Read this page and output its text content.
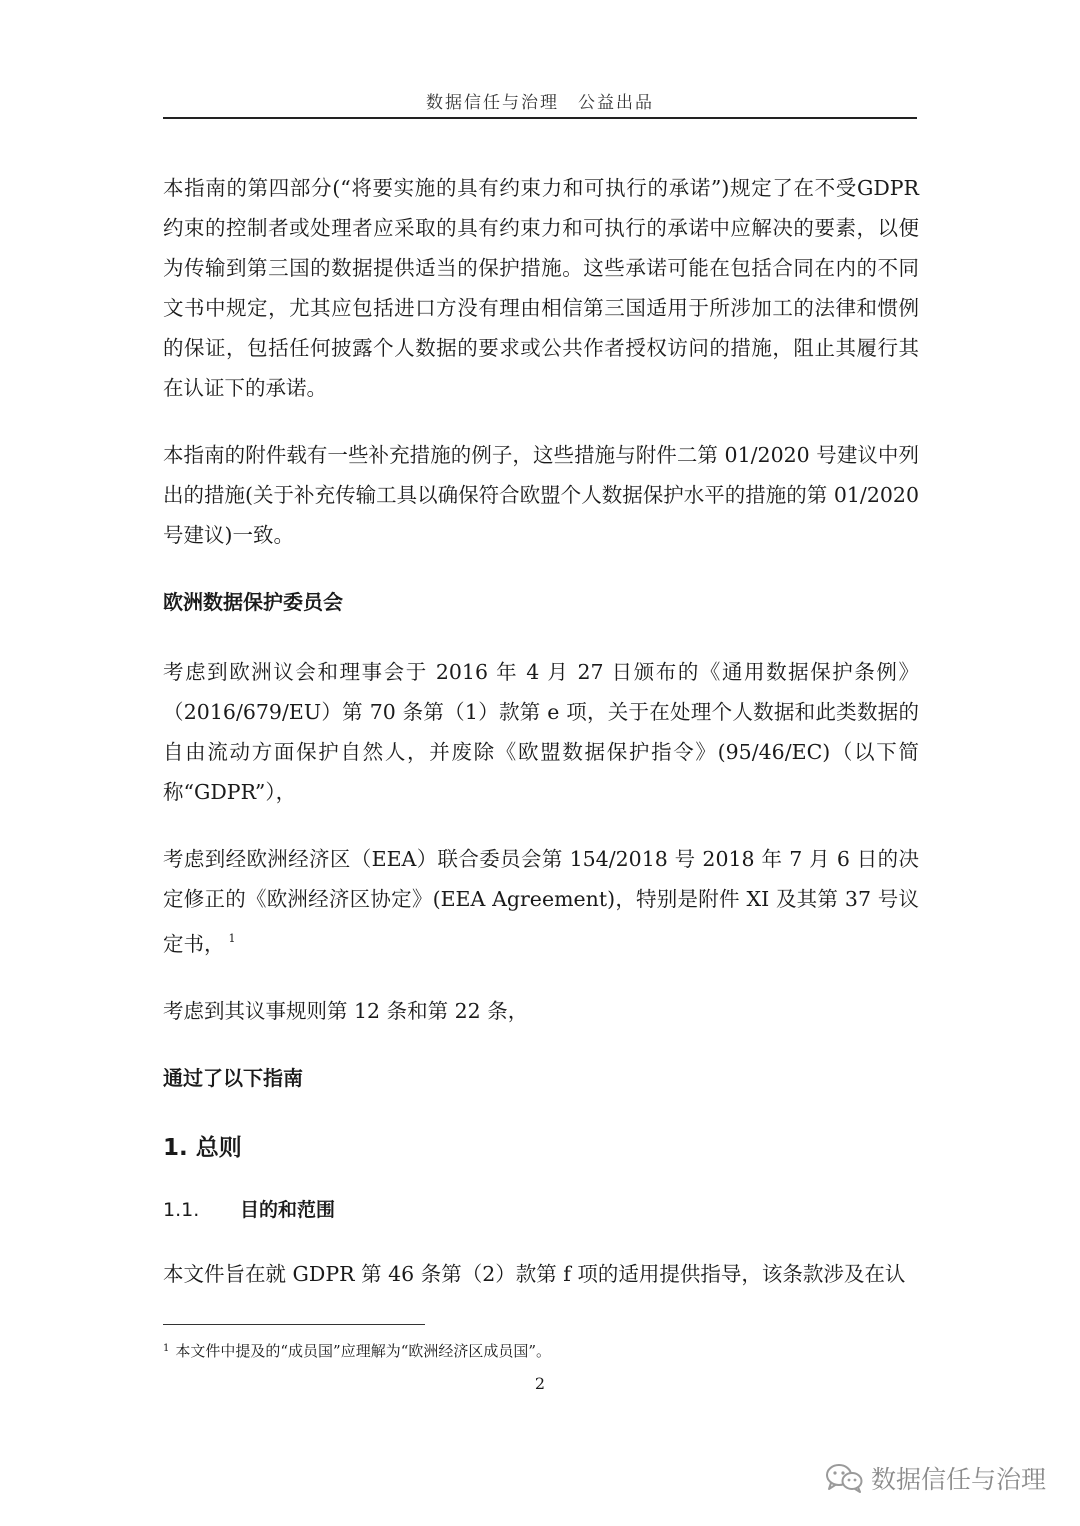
数据信任与治理　公益出品

本指南的第四部分(“将要实施的具有约束力和可执行的承诺”)规定了在不受GDPR 约束的控制者或处理者应采取的具有约束力和可执行的承诺中应解决的要素，以便为传输到第三国的数据提供适当的保护措施。这些承诺可能在包括合同在内的不同文书中规定，尤其应包括进口方没有理由相信第三国适用于所涉加工的法律和惯例的保证，包括任何披露个人数据的要求或公共作者授权访问的措施，阻止其履行其在认证下的承诺。

本指南的附件载有一些补充措施的例子，这些措施与附件二第 01/2020 号建议中列出的措施(关于补充传输工具以确保符合欧盟个人数据保护水平的措施的第 01/2020 号建议)一致。

欧洲数据保护委员会

考虑到欧洲议会和理事会于 2016 年 4 月 27 日颁布的《通用数据保护条例》（2016/679/EU）第 70 条第（1）款第 e 项，关于在处理个人数据和此类数据的自由流动方面保护自然人，并废除《欧盟数据保护指令》(95/46/EC)（以下简称“GDPR”），

考虑到经欧洲经济区（EEA）联合委员会第 154/2018 号 2018 年 7 月 6 日的决定修正的《欧洲经济区协定》(EEA Agreement)，特别是附件 XI 及其第 37 号议定书， $^1$

考虑到其议事规则第 12 条和第 22 条，

通过了以下指南
1. 总则
1.1. 目的和范围

本文件旨在就 GDPR 第 46 条第（2）款第 f 项的适用提供指导，该条款涉及在认

$^1$ 本文件中提及的“成员国”应理解为“欧洲经济区成员国”。
2
数据信任与治理
